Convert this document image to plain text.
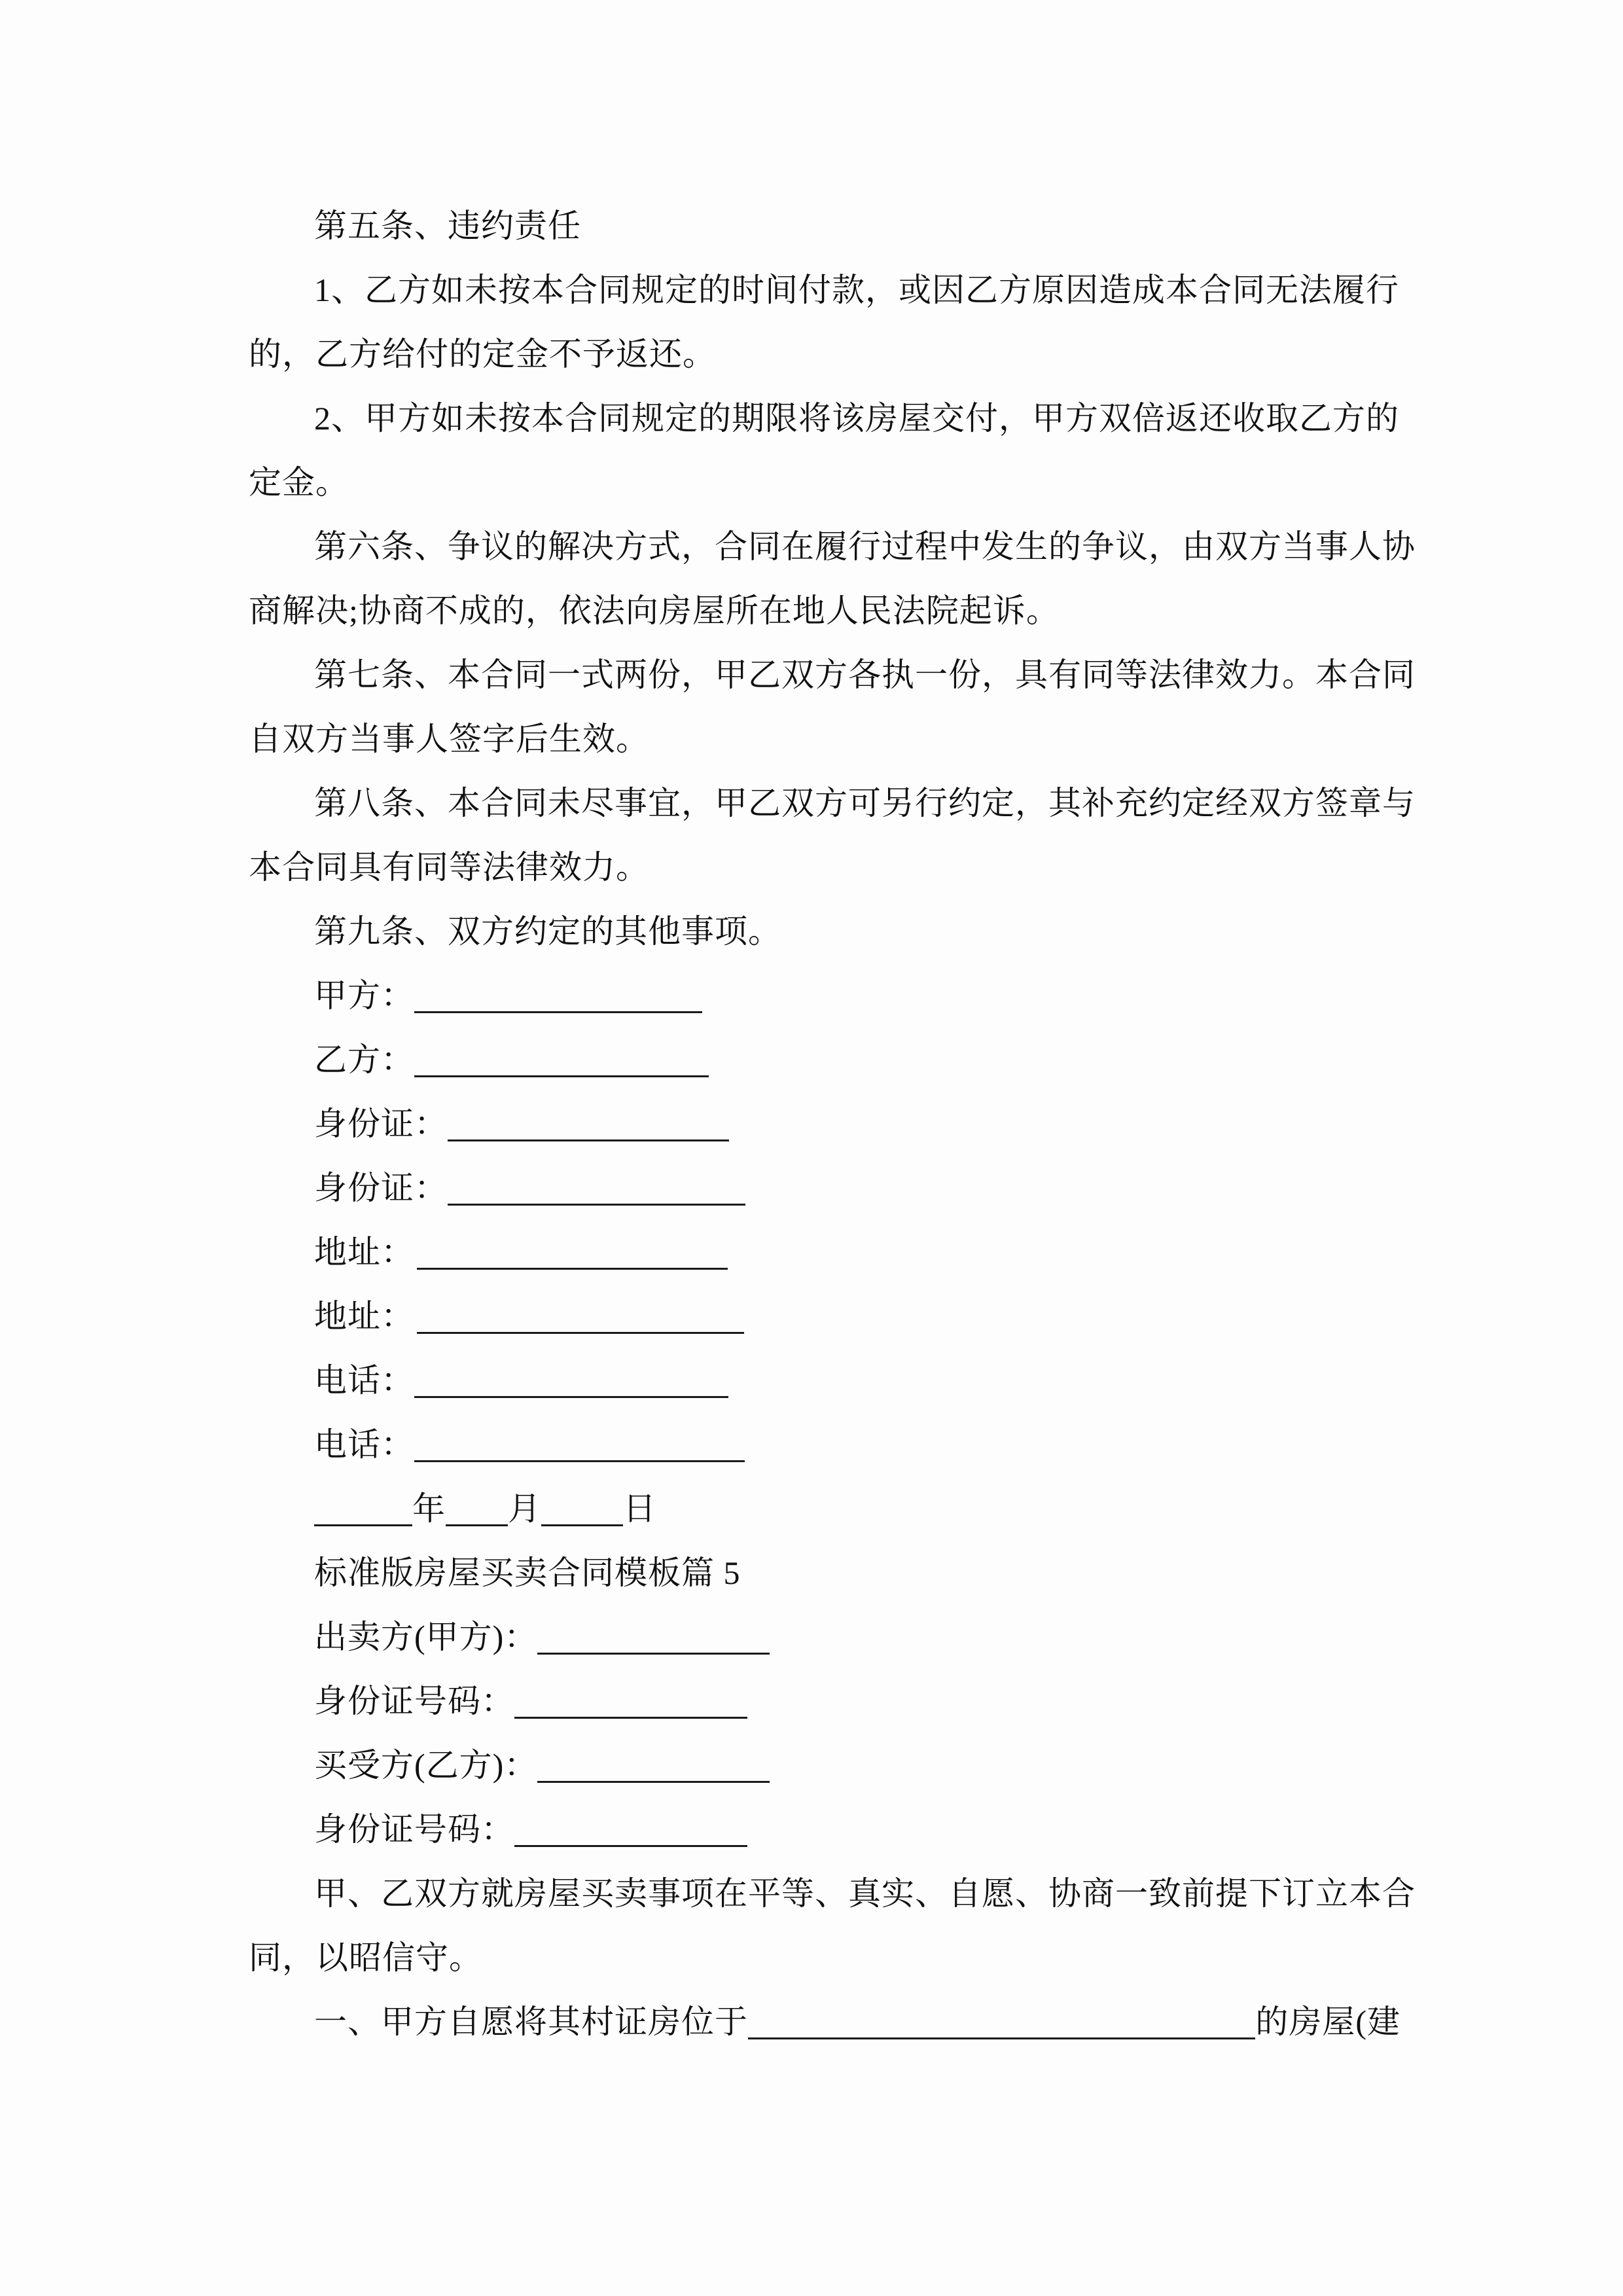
第五条、违约责任
1、乙方如未按本合同规定的时间付款，或因乙方原因造成本合同无法履行
的，乙方给付的定金不予返还。
2、甲方如未按本合同规定的期限将该房屋交付，甲方双倍返还收取乙方的
定金。
第六条、争议的解决方式，合同在履行过程中发生的争议，由双方当事人协
商解决;协商不成的，依法向房屋所在地人民法院起诉。
第七条、本合同一式两份，甲乙双方各执一份，具有同等法律效力。本合同
自双方当事人签字后生效。
第八条、本合同未尽事宜，甲乙双方可另行约定，其补充约定经双方签章与
本合同具有同等法律效力。
第九条、双方约定的其他事项。
甲方：
乙方：
身份证：
身份证：
地址：
地址：
电话：
电话：
年 月	日
标准版房屋买卖合同模板篇 5
出卖方(甲方)：
身份证号码：
买受方(乙方)：
身份证号码：
甲、乙双方就房屋买卖事项在平等、真实、自愿、协商一致前提下订立本合
同，以昭信守。
一、甲方自愿将其村证房位于	的房屋(建
